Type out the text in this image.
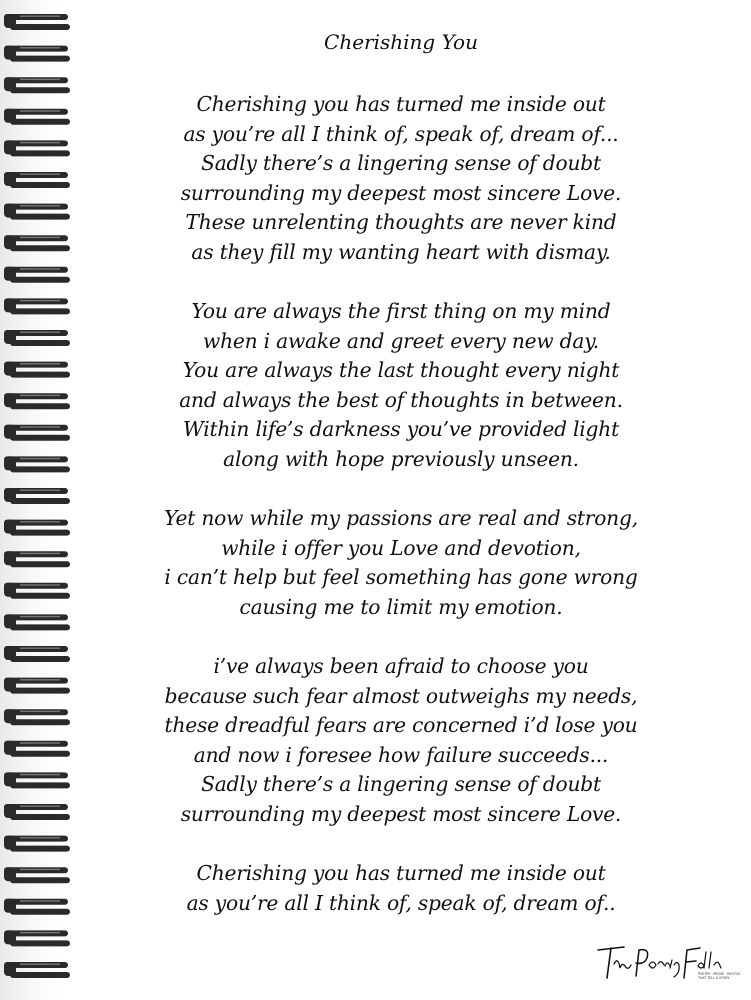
Cherishing You
Cherishing you has turned me inside out
as you’re all I think of, speak of, dream of...
Sadly there’s a lingering sense of doubt
surrounding my deepest most sincere Love.
These unrelenting thoughts are never kind
as they fill my wanting heart with dismay.
You are always the first thing on my mind
when i awake and greet every new day.
You are always the last thought every night
and always the best of thoughts in between.
Within life’s darkness you’ve provided light
along with hope previously unseen.
Yet now while my passions are real and strong,
while i offer you Love and devotion,
i can’t help but feel something has gone wrong
causing me to limit my emotion.
i’ve always been afraid to choose you
because such fear almost outweighs my needs,
these dreadful fears are concerned i’d lose you
and now i foresee how failure succeeds...
Sadly there’s a lingering sense of doubt
surrounding my deepest most sincere Love.
Cherishing you has turned me inside out
as you’re all I think of, speak of, dream of..
POETRY · PROSE · PHOTOS
THAT TELL A STORY
